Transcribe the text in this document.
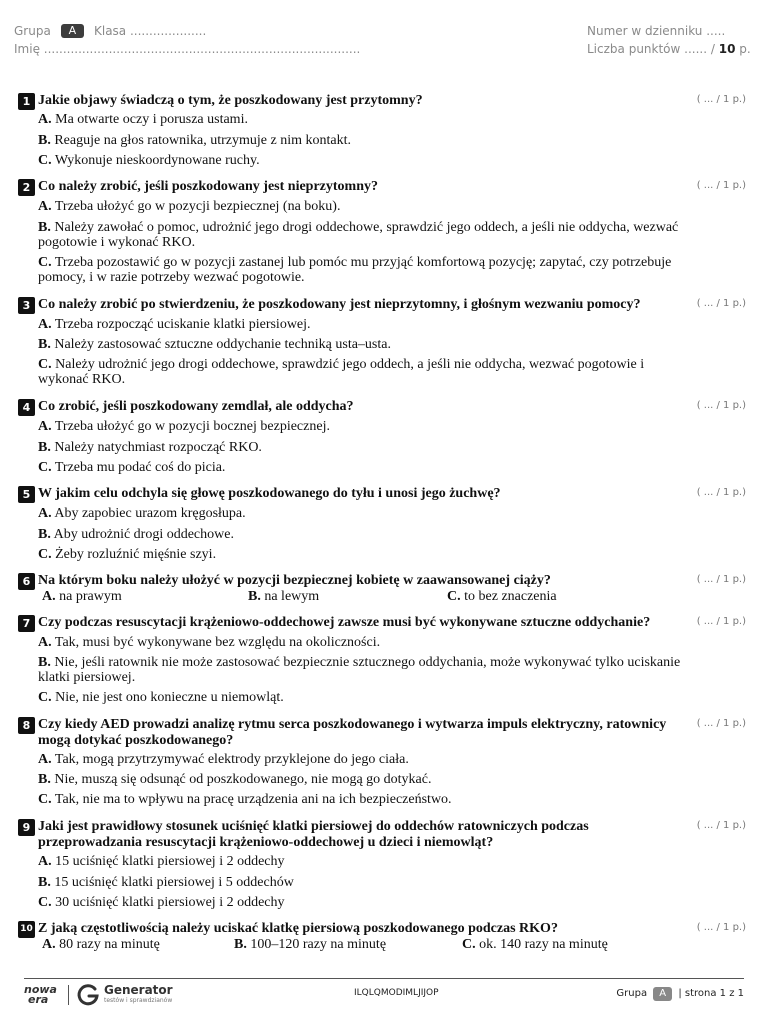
Grupa A Klasa ....................
Imię ...................................................................................
Numer w dzienniku .....
Liczba punktów ...... / 10 p.
1 Jakie objawy świadczą o tym, że poszkodowany jest przytomny?	( ... / 1 p.)
A. Ma otwarte oczy i porusza ustami.
B. Reaguje na głos ratownika, utrzymuje z nim kontakt.
C. Wykonuje nieskoordynowane ruchy.
2 Co należy zrobić, jeśli poszkodowany jest nieprzytomny?	( ... / 1 p.)
A. Trzeba ułożyć go w pozycji bezpiecznej (na boku).
B. Należy zawołać o pomoc, udrożnić jego drogi oddechowe, sprawdzić jego oddech, a jeśli nie oddycha, wezwać pogotowie i wykonać RKO.
C. Trzeba pozostawić go w pozycji zastanej lub pomóc mu przyjąć komfortową pozycję; zapytać, czy potrzebuje pomocy, i w razie potrzeby wezwać pogotowie.
3 Co należy zrobić po stwierdzeniu, że poszkodowany jest nieprzytomny, i głośnym wezwaniu pomocy?	( ... / 1 p.)
A. Trzeba rozpocząć uciskanie klatki piersiowej.
B. Należy zastosować sztuczne oddychanie techniką usta–usta.
C. Należy udrożnić jego drogi oddechowe, sprawdzić jego oddech, a jeśli nie oddycha, wezwać pogotowie i wykonać RKO.
4 Co zrobić, jeśli poszkodowany zemdlał, ale oddycha?	( ... / 1 p.)
A. Trzeba ułożyć go w pozycji bocznej bezpiecznej.
B. Należy natychmiast rozpocząć RKO.
C. Trzeba mu podać coś do picia.
5 W jakim celu odchyla się głowę poszkodowanego do tyłu i unosi jego żuchwę?	( ... / 1 p.)
A. Aby zapobiec urazom kręgosłupa.
B. Aby udrożnić drogi oddechowe.
C. Żeby rozluźnić mięśnie szyi.
6 Na którym boku należy ułożyć w pozycji bezpiecznej kobietę w zaawansowanej ciąży?	( ... / 1 p.)
A. na prawym	B. na lewym	C. to bez znaczenia
7 Czy podczas resuscytacji krążeniowo-oddechowej zawsze musi być wykonywane sztuczne oddychanie?	( ... / 1 p.)
A. Tak, musi być wykonywane bez względu na okoliczności.
B. Nie, jeśli ratownik nie może zastosować bezpiecznie sztucznego oddychania, może wykonywać tylko uciskanie klatki piersiowej.
C. Nie, nie jest ono konieczne u niemowląt.
8 Czy kiedy AED prowadzi analizę rytmu serca poszkodowanego i wytwarza impuls elektryczny, ratownicy mogą dotykać poszkodowanego?
( ... / 1 p.)
A. Tak, mogą przytrzymywać elektrody przyklejone do jego ciała.
B. Nie, muszą się odsunąć od poszkodowanego, nie mogą go dotykać.
C. Tak, nie ma to wpływu na pracę urządzenia ani na ich bezpieczeństwo.
9 Jaki jest prawidłowy stosunek uciśnięć klatki piersiowej do oddechów ratowniczych podczas przeprowadzania resuscytacji krążeniowo-oddechowej u dzieci i niemowląt?
( ... / 1 p.)
A. 15 uciśnięć klatki piersiowej i 2 oddechy
B. 15 uciśnięć klatki piersiowej i 5 oddechów
C. 30 uciśnięć klatki piersiowej i 2 oddechy
10 Z jaką częstotliwością należy uciskać klatkę piersiową poszkodowanego podczas RKO?	( ... / 1 p.)
A. 80 razy na minutę	B. 100–120 razy na minutę	C. ok. 140 razy na minutę
nowa
era
Generator
testów i sprawdzianów
ILQLQMODIMLJIJOP	Grupa A | strona 1 z 1
